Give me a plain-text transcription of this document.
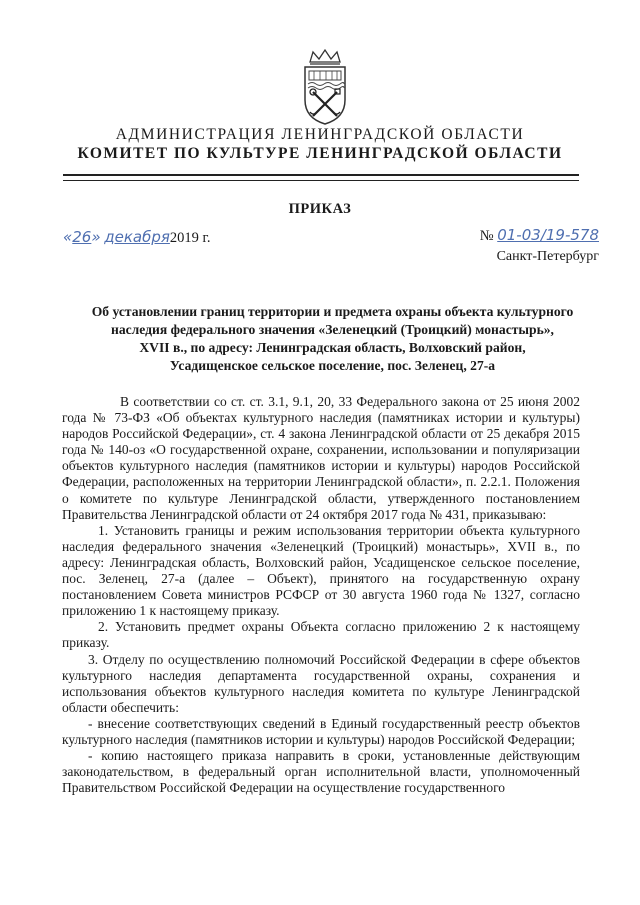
АДМИНИСТРАЦИЯ ЛЕНИНГРАДСКОЙ ОБЛАСТИ
КОМИТЕТ ПО КУЛЬТУРЕ ЛЕНИНГРАДСКОЙ ОБЛАСТИ
ПРИКАЗ
«26» декабря2019 г.	№ 01-03/19-578
Санкт-Петербург
Об установлении границ территории и предмета охраны объекта культурного
наследия федерального значения «Зеленецкий (Троицкий) монастырь»,
XVII в., по адресу: Ленинградская область, Волховский район,
Усадищенское сельское поселение, пос. Зеленец, 27-а

В соответствии со ст. ст. 3.1, 9.1, 20, 33 Федерального закона от 25 июня 2002 года № 73-ФЗ «Об объектах культурного наследия (памятниках истории и культуры) народов Российской Федерации», ст. 4 закона Ленинградской области от 25 декабря 2015 года № 140-оз «О государственной охране, сохранении, использовании и популяризации объектов культурного наследия (памятников истории и культуры) народов Российской Федерации, расположенных на территории Ленинградской области», п. 2.2.1. Положения о комитете по культуре Ленинградской области, утвержденного постановлением Правительства Ленинградской области от 24 октября 2017 года № 431, приказываю:

1. Установить границы и режим использования территории объекта культурного наследия федерального значения «Зеленецкий (Троицкий) монастырь», XVII в., по адресу: Ленинградская область, Волховский район, Усадищенское сельское поселение, пос. Зеленец, 27-а (далее – Объект), принятого на государственную охрану постановлением Совета министров РСФСР от 30 августа 1960 года № 1327, согласно приложению 1 к настоящему приказу.

2. Установить предмет охраны Объекта согласно приложению 2 к настоящему приказу.

3. Отделу по осуществлению полномочий Российской Федерации в сфере объектов культурного наследия департамента государственной охраны, сохранения и использования объектов культурного наследия комитета по культуре Ленинградской области обеспечить:

- внесение соответствующих сведений в Единый государственный реестр объектов культурного наследия (памятников истории и культуры) народов Российской Федерации;

- копию настоящего приказа направить в сроки, установленные действующим законодательством, в федеральный орган исполнительной власти, уполномоченный Правительством Российской Федерации на осуществление государственного
